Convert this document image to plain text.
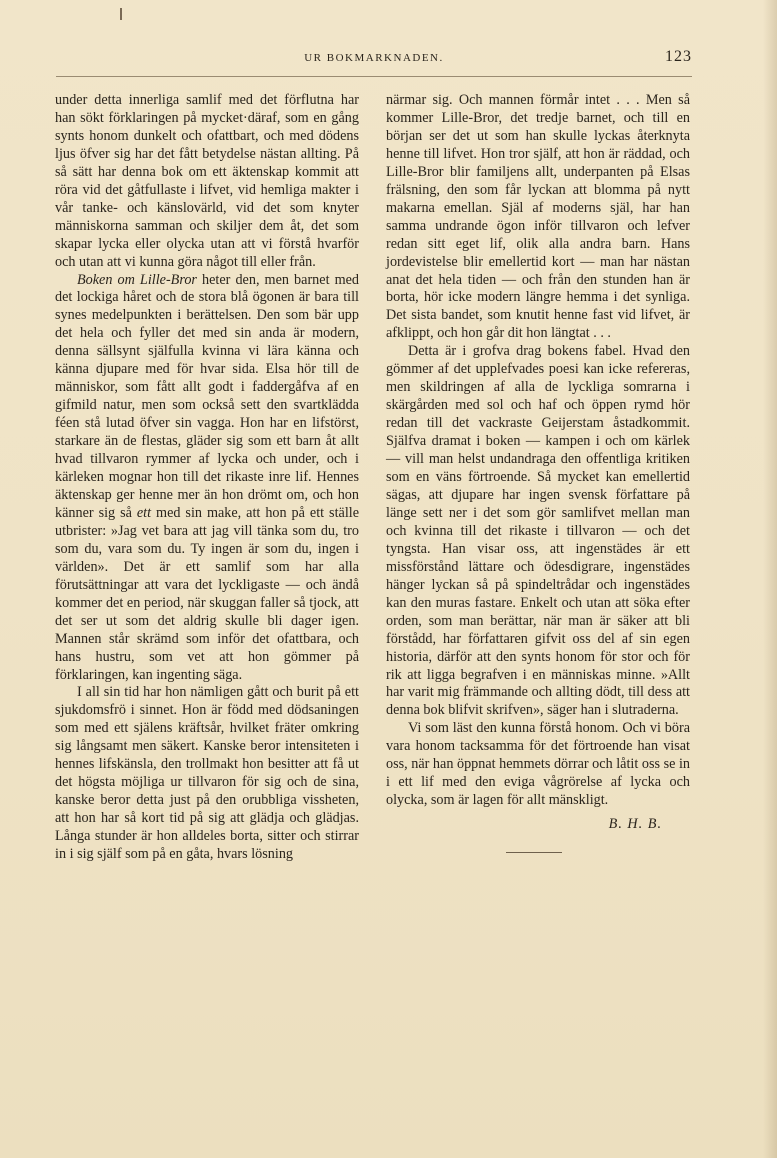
UR BOKMARKNADEN.	123

under detta innerliga samlif med det förflutna har han sökt förklaringen på mycket·däraf, som en gång synts honom dunkelt och ofattbart, och med dödens ljus öfver sig har det fått betydelse nästan allting. På så sätt har denna bok om ett äktenskap kommit att röra vid det gåtfullaste i lifvet, vid hemliga makter i vår tanke- och känslovärld, vid det som knyter människorna samman och skiljer dem åt, det som skapar lycka eller olycka utan att vi förstå hvarför och utan att vi kunna göra något till eller från.

Boken om Lille-Bror heter den, men barnet med det lockiga håret och de stora blå ögonen är bara till synes medelpunkten i berättelsen. Den som bär upp det hela och fyller det med sin anda är modern, denna sällsynt själfulla kvinna vi lära känna och känna djupare med för hvar sida. Elsa hör till de människor, som fått allt godt i faddergåfva af en gifmild natur, men som också sett den svartklädda féen stå lutad öfver sin vagga. Hon har en lifstörst, starkare än de flestas, gläder sig som ett barn åt allt hvad tillvaron rymmer af lycka och under, och i kärleken mognar hon till det rikaste inre lif. Hennes äktenskap ger henne mer än hon drömt om, och hon känner sig så ett med sin make, att hon på ett ställe utbrister: »Jag vet bara att jag vill tänka som du, tro som du, vara som du. Ty ingen är som du, ingen i världen». Det är ett samlif som har alla förutsättningar att vara det lyckligaste — och ändå kommer det en period, när skuggan faller så tjock, att det ser ut som det aldrig skulle bli dager igen. Mannen står skrämd som inför det ofattbara, och hans hustru, som vet att hon gömmer på förklaringen, kan ingenting säga.

I all sin tid har hon nämligen gått och burit på ett sjukdomsfrö i sinnet. Hon är född med dödsaningen som med ett själens kräftsår, hvilket fräter omkring sig långsamt men säkert. Kanske beror intensiteten i hennes lifskänsla, den trollmakt hon besitter att få ut det högsta möjliga ur tillvaron för sig och de sina, kanske beror detta just på den orubbliga vissheten, att hon har så kort tid på sig att glädja och glädjas. Långa stunder är hon alldeles borta, sitter och stirrar in i sig själf som på en gåta, hvars lösning

närmar sig. Och mannen förmår intet . . . Men så kommer Lille-Bror, det tredje barnet, och till en början ser det ut som han skulle lyckas återknyta henne till lifvet. Hon tror själf, att hon är räddad, och Lille-Bror blir familjens allt, underpanten på Elsas frälsning, den som får lyckan att blomma på nytt makarna emellan. Själ af moderns själ, har han samma undrande ögon inför tillvaron och lefver redan sitt eget lif, olik alla andra barn. Hans jordevistelse blir emellertid kort — man har nästan anat det hela tiden — och från den stunden han är borta, hör icke modern längre hemma i det synliga. Det sista bandet, som knutit henne fast vid lifvet, är afklippt, och hon går dit hon längtat . . .

Detta är i grofva drag bokens fabel. Hvad den gömmer af det upplefvades poesi kan icke refereras, men skildringen af alla de lyckliga somrarna i skärgården med sol och haf och öppen rymd hör redan till det vackraste Geijerstam åstadkommit. Själfva dramat i boken — kampen i och om kärlek — vill man helst undandraga den offentliga kritiken som en väns förtroende. Så mycket kan emellertid sägas, att djupare har ingen svensk författare på länge sett ner i det som gör samlifvet mellan man och kvinna till det rikaste i tillvaron — och det tyngsta. Han visar oss, att ingenstädes är ett missförstånd lättare och ödesdigrare, ingenstädes hänger lyckan så på spindeltrådar och ingenstädes kan den muras fastare. Enkelt och utan att söka efter orden, som man berättar, när man är säker att bli förstådd, har författaren gifvit oss del af sin egen historia, därför att den synts honom för stor och för rik att ligga begrafven i en människas minne. »Allt har varit mig främmande och allting dödt, till dess att denna bok blifvit skrifven», säger han i slutraderna.

Vi som läst den kunna förstå honom. Och vi böra vara honom tacksamma för det förtroende han visat oss, när han öppnat hemmets dörrar och låtit oss se in i ett lif med den eviga vågrörelse af lycka och olycka, som är lagen för allt mänskligt.

B. H. B.
